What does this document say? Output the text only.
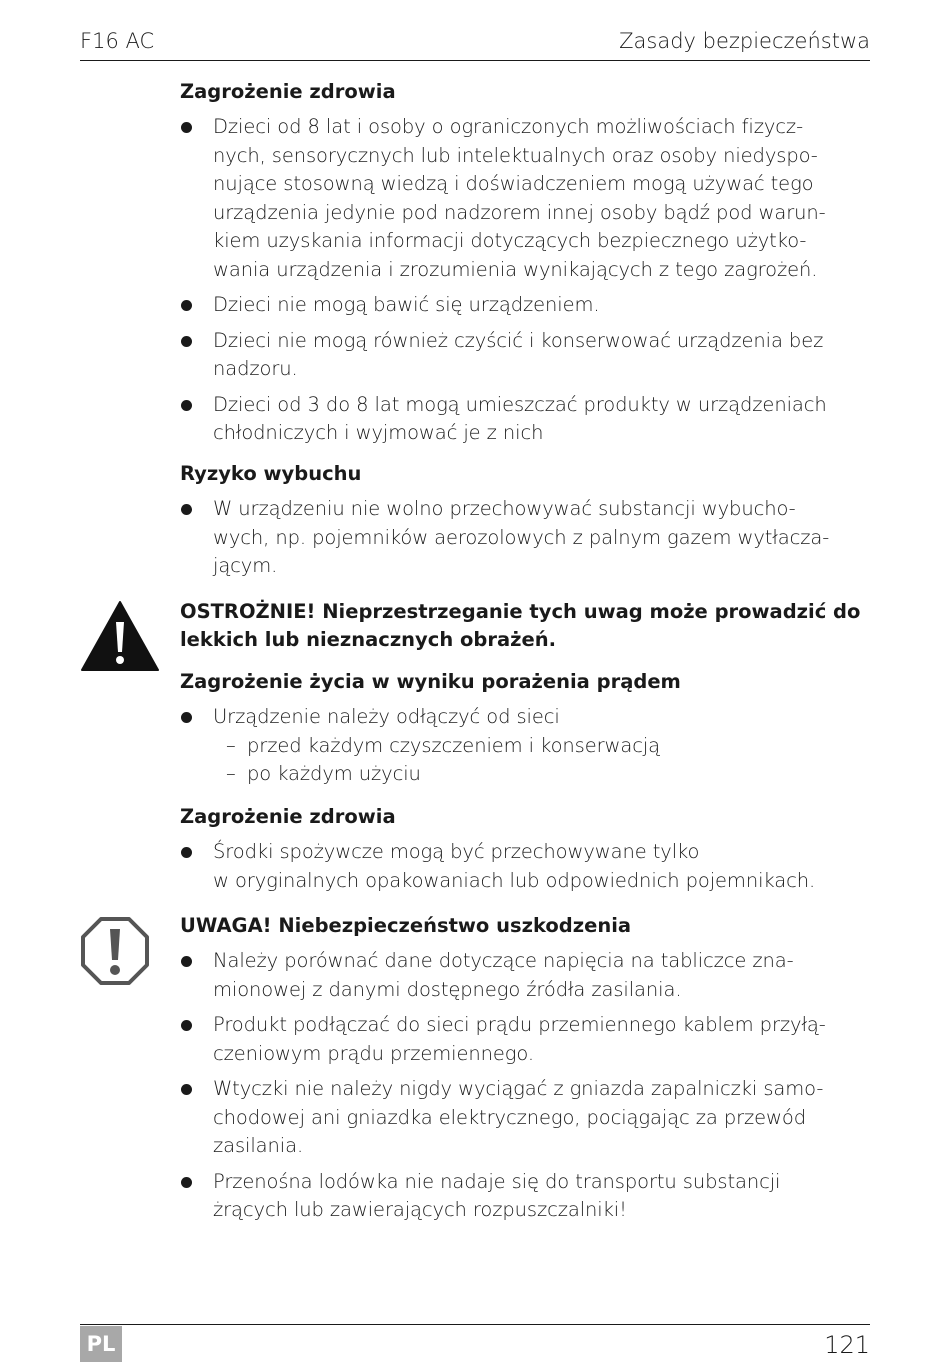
F16 AC	Zasady bezpieczeństwa
Zagrożenie zdrowia
Dzieci od 8 lat i osoby o ograniczonych możliwościach fizycz-
nych, sensorycznych lub intelektualnych oraz osoby niedyspo-
nujące stosowną wiedzą i doświadczeniem mogą używać tego
urządzenia jedynie pod nadzorem innej osoby bądź pod warun-
kiem uzyskania informacji dotyczących bezpiecznego użytko-
wania urządzenia i zrozumienia wynikających z tego zagrożeń.
Dzieci nie mogą bawić się urządzeniem.
Dzieci nie mogą również czyścić i konserwować urządzenia bez
nadzoru.
Dzieci od 3 do 8 lat mogą umieszczać produkty w urządzeniach
chłodniczych i wyjmować je z nich
Ryzyko wybuchu
W urządzeniu nie wolno przechowywać substancji wybucho-
wych, np. pojemników aerozolowych z palnym gazem wytłacza-
jącym.
OSTROŻNIE! Nieprzestrzeganie tych uwag może prowadzić do
lekkich lub nieznacznych obrażeń.
Zagrożenie życia w wyniku porażenia prądem
Urządzenie należy odłączyć od sieci
– przed każdym czyszczeniem i konserwacją
– po każdym użyciu
Zagrożenie zdrowia
Środki spożywcze mogą być przechowywane tylko
w oryginalnych opakowaniach lub odpowiednich pojemnikach.
UWAGA! Niebezpieczeństwo uszkodzenia
Należy porównać dane dotyczące napięcia na tabliczce zna-
mionowej z danymi dostępnego źródła zasilania.
Produkt podłączać do sieci prądu przemiennego kablem przyłą-
czeniowym prądu przemiennego.
Wtyczki nie należy nigdy wyciągać z gniazda zapalniczki samo-
chodowej ani gniazdka elektrycznego, pociągając za przewód
zasilania.
Przenośna lodówka nie nadaje się do transportu substancji
żrących lub zawierających rozpuszczalniki!
PL	121
